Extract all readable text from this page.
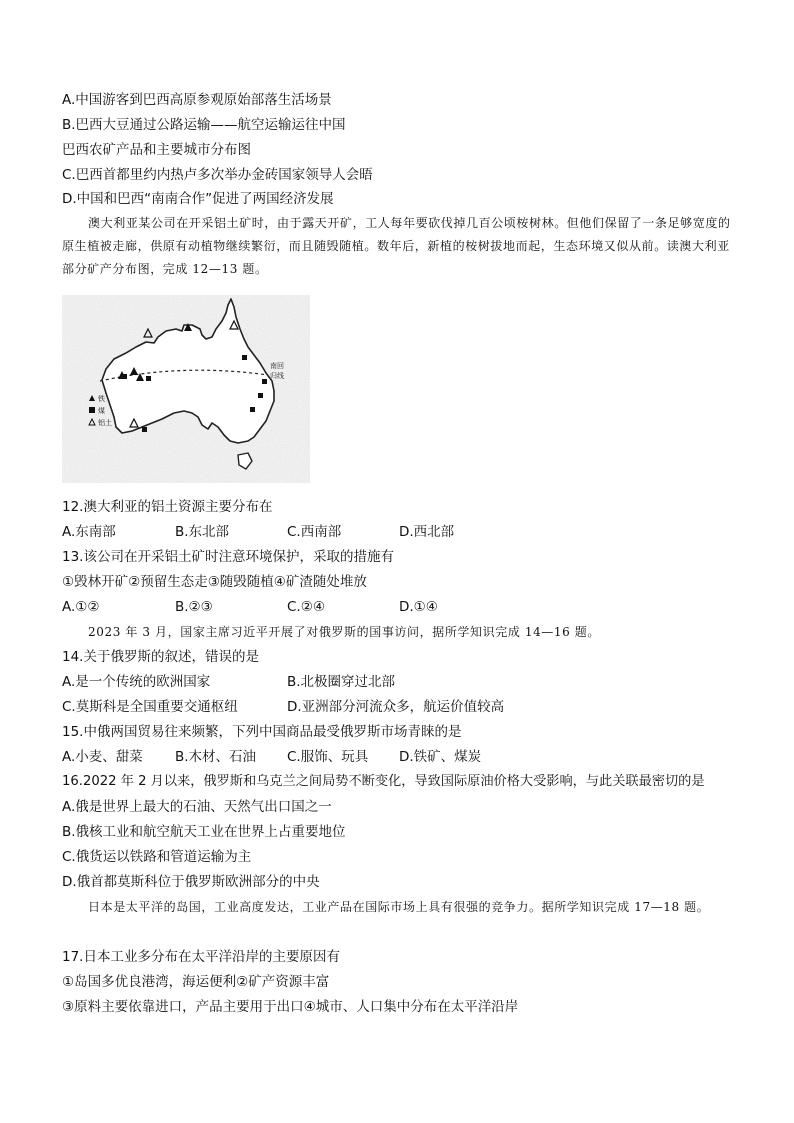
A.中国游客到巴西高原参观原始部落生活场景
B.巴西大豆通过公路运输——航空运输运往中国
巴西农矿产品和主要城市分布图
C.巴西首都里约内热卢多次举办金砖国家领导人会晤
D.中国和巴西“南南合作”促进了两国经济发展
澳大利亚某公司在开采铝土矿时，由于露天开矿，工人每年要砍伐掉几百公顷桉树林。但他们保留了一条足够宽度的原生植被走廊，供原有动植物继续繁衍，而且随毁随植。数年后，新植的桉树拔地而起，生态环境又似从前。读澳大利亚部分矿产分布图，完成 12—13 题。
南回
归线
铁
煤
铝土
12.澳大利亚的铝土资源主要分布在
A.东南部	B.东北部	C.西南部	D.西北部
13.该公司在开采铝土矿时注意环境保护，采取的措施有
①毁林开矿②预留生态走③随毁随植④矿渣随处堆放
A.①②	B.②③	C.②④	D.①④
2023 年 3 月，国家主席习近平开展了对俄罗斯的国事访问，据所学知识完成 14—16 题。
14.关于俄罗斯的叙述，错误的是
A.是一个传统的欧洲国家	B.北极圈穿过北部
C.莫斯科是全国重要交通枢纽	D.亚洲部分河流众多，航运价值较高
15.中俄两国贸易往来频繁，下列中国商品最受俄罗斯市场青睐的是
A.小麦、甜菜 B.木材、石油 C.服饰、玩具 D.铁矿、煤炭
16.2022 年 2 月以来，俄罗斯和乌克兰之间局势不断变化，导致国际原油价格大受影响，与此关联最密切的是
A.俄是世界上最大的石油、天然气出口国之一
B.俄核工业和航空航天工业在世界上占重要地位
C.俄货运以铁路和管道运输为主
D.俄首都莫斯科位于俄罗斯欧洲部分的中央
日本是太平洋的岛国，工业高度发达，工业产品在国际市场上具有很强的竞争力。据所学知识完成 17—18 题。
17.日本工业多分布在太平洋沿岸的主要原因有
①岛国多优良港湾，海运便利②矿产资源丰富
③原料主要依靠进口，产品主要用于出口④城市、人口集中分布在太平洋沿岸
